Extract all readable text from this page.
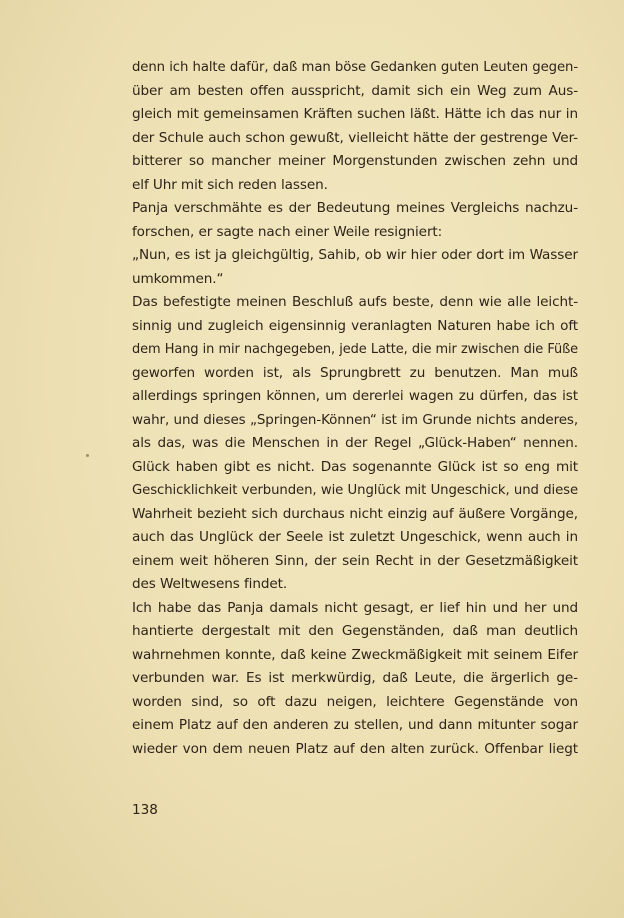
denn ich halte dafür, daß man böse Gedanken guten Leuten gegen-
über am besten offen ausspricht, damit sich ein Weg zum Aus-
gleich mit gemeinsamen Kräften suchen läßt. Hätte ich das nur in
der Schule auch schon gewußt, vielleicht hätte der gestrenge Ver-
bitterer so mancher meiner Morgenstunden zwischen zehn und
elf Uhr mit sich reden lassen.
Panja verschmähte es der Bedeutung meines Vergleichs nachzu-
forschen, er sagte nach einer Weile resigniert:
„Nun, es ist ja gleichgültig, Sahib, ob wir hier oder dort im Wasser
umkommen.“
Das befestigte meinen Beschluß aufs beste, denn wie alle leicht-
sinnig und zugleich eigensinnig veranlagten Naturen habe ich oft
dem Hang in mir nachgegeben, jede Latte, die mir zwischen die Füße
geworfen worden ist, als Sprungbrett zu benutzen. Man muß
allerdings springen können, um dererlei wagen zu dürfen, das ist
wahr, und dieses „Springen-Können“ ist im Grunde nichts anderes,
als das, was die Menschen in der Regel „Glück-Haben“ nennen.
Glück haben gibt es nicht. Das sogenannte Glück ist so eng mit
Geschicklichkeit verbunden, wie Unglück mit Ungeschick, und diese
Wahrheit bezieht sich durchaus nicht einzig auf äußere Vorgänge,
auch das Unglück der Seele ist zuletzt Ungeschick, wenn auch in
einem weit höheren Sinn, der sein Recht in der Gesetzmäßigkeit
des Weltwesens findet.
Ich habe das Panja damals nicht gesagt, er lief hin und her und
hantierte dergestalt mit den Gegenständen, daß man deutlich
wahrnehmen konnte, daß keine Zweckmäßigkeit mit seinem Eifer
verbunden war. Es ist merkwürdig, daß Leute, die ärgerlich ge-
worden sind, so oft dazu neigen, leichtere Gegenstände von
einem Platz auf den anderen zu stellen, und dann mitunter sogar
wieder von dem neuen Platz auf den alten zurück. Offenbar liegt
138
